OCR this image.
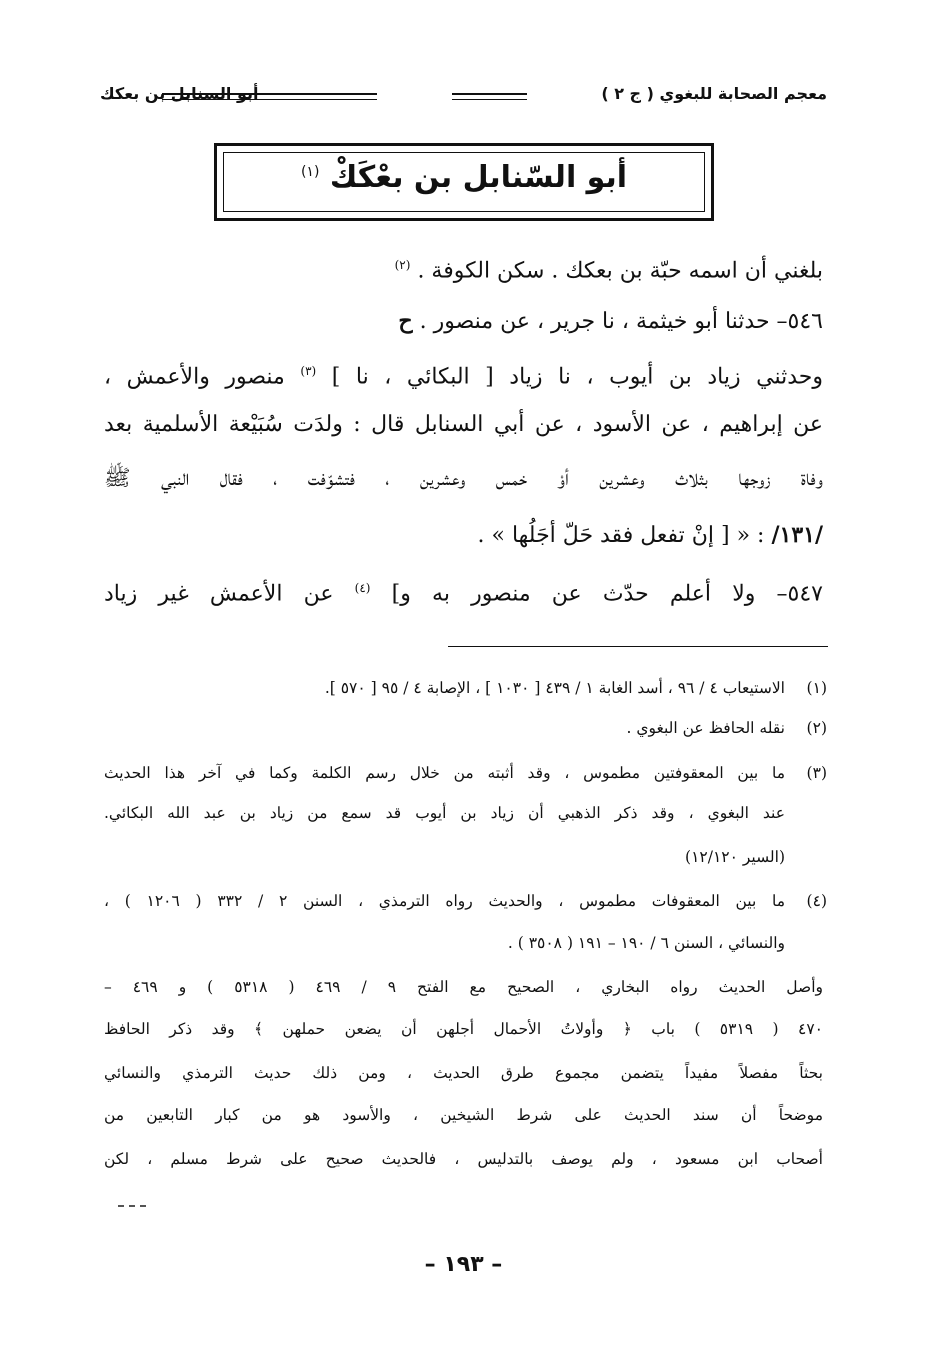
معجم الصحابة للبغوي ( ج ٢ )
أبو السنابل بن بعكك
أبو السّنابل بن بعْكَكْ $^{(١)}$
بلغني أن اسمه حبّة بن بعكك . سكن الكوفة . $^{(٢)}$
٥٤٦– حدثنا أبو خيثمة ، نا جرير ، عن منصور . ح
وحدثني زياد بن أيوب ، نا زياد [ البكائي ، نا ] $^{(٣)}$ منصور والأعمش ،
عن إبراهيم ، عن الأسود ، عن أبي السنابل قال : ولدَت سُبَيْعة الأسلمية بعد
وفاة زوجها بثلاث وعشرين أوْ خمس وعشرين ، فتشوّفت ، فقال النبي ﷺ
/١٣١/ : « [ إنْ تفعل فقد حَلّ أجَلُها » .
٥٤٧– ولا أعلم حدّث عن منصور به و] $^{(٤)}$ عن الأعمش غير زياد
(١)
الاستيعاب ٤ / ٩٦ ، أسد الغابة ١ / ٤٣٩ [ ١٠٣٠ ] ، الإصابة ٤ / ٩٥ [ ٥٧٠ ].
(٢)
نقله الحافظ عن البغوي .
(٣)
ما بين المعقوفتين مطموس ، وقد أثبته من خلال رسم الكلمة وكما في آخر هذا الحديث
عند البغوي ، وقد ذكر الذهبي أن زياد بن أيوب قد سمع من زياد بن عبد الله البكائي.
(السير ١٢/١٢٠)
(٤)
ما بين المعقوفات مطموس ، والحديث رواه الترمذي ، السنن ٢ / ٣٣٢ ( ١٢٠٦ ) ،
والنسائي ، السنن ٦ / ١٩٠ – ١٩١ ( ٣٥٠٨ ) .
وأصل الحديث رواه البخاري ، الصحيح مع الفتح ٩ / ٤٦٩ ( ٥٣١٨ ) و ٤٦٩ –
٤٧٠ ( ٥٣١٩ ) باب ﴿ وأولاتُ الأحمال أجلهن أن يضعن حملهن ﴾ وقد ذكر الحافظ
بحثاً مفصلاً مفيداً يتضمن مجموع طرق الحديث ، ومن ذلك حديث الترمذي والنسائي
موضحاً أن سند الحديث على شرط الشيخين ، والأسود هو من كبار التابعين من
أصحاب ابن مسعود ، ولم يوصف بالتدليس ، فالحديث صحيح على شرط مسلم ، لكن
– ١٩٣ –
